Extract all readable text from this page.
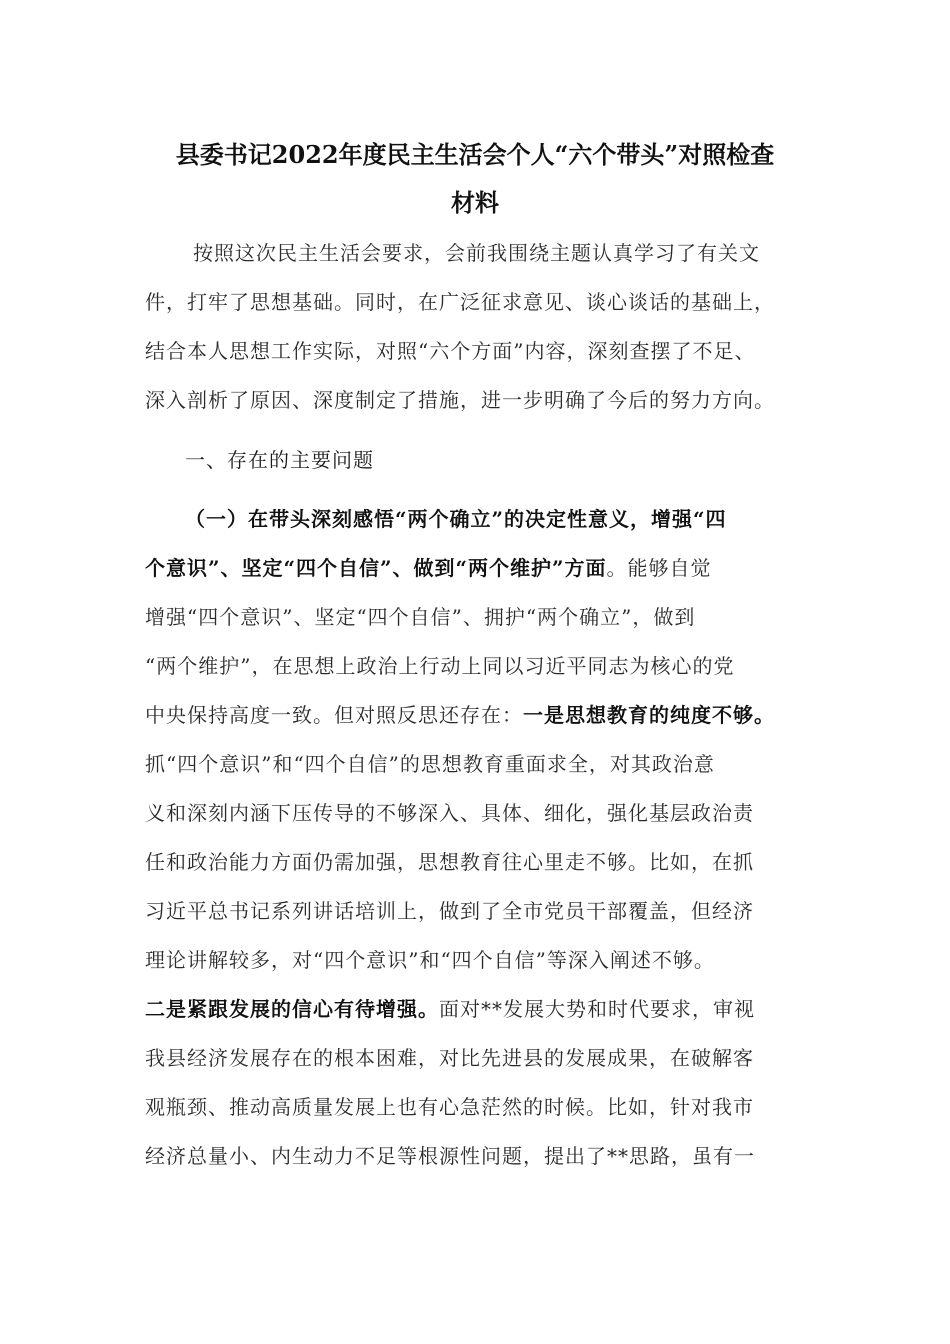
县委书记2022年度民主生活会个人“六个带头”对照检查
材料
按照这次民主生活会要求，会前我围绕主题认真学习了有关文
件，打牢了思想基础。同时，在广泛征求意见、谈心谈话的基础上，
结合本人思想工作实际，对照“六个方面”内容，深刻查摆了不足、
深入剖析了原因、深度制定了措施，进一步明确了今后的努力方向。
一、存在的主要问题
（一）在带头深刻感悟“两个确立”的决定性意义，增强“四
个意识”、坚定“四个自信”、做到“两个维护”方面。能够自觉
增强“四个意识”、坚定“四个自信”、拥护“两个确立”，做到
“两个维护”，在思想上政治上行动上同以习近平同志为核心的党
中央保持高度一致。但对照反思还存在：一是思想教育的纯度不够。
抓“四个意识”和“四个自信”的思想教育重面求全，对其政治意
义和深刻内涵下压传导的不够深入、具体、细化，强化基层政治责
任和政治能力方面仍需加强，思想教育往心里走不够。比如，在抓
习近平总书记系列讲话培训上，做到了全市党员干部覆盖，但经济
理论讲解较多，对“四个意识”和“四个自信”等深入阐述不够。
二是紧跟发展的信心有待增强。面对**发展大势和时代要求，审视
我县经济发展存在的根本困难，对比先进县的发展成果，在破解客
观瓶颈、推动高质量发展上也有心急茫然的时候。比如，针对我市
经济总量小、内生动力不足等根源性问题，提出了**思路，虽有一
